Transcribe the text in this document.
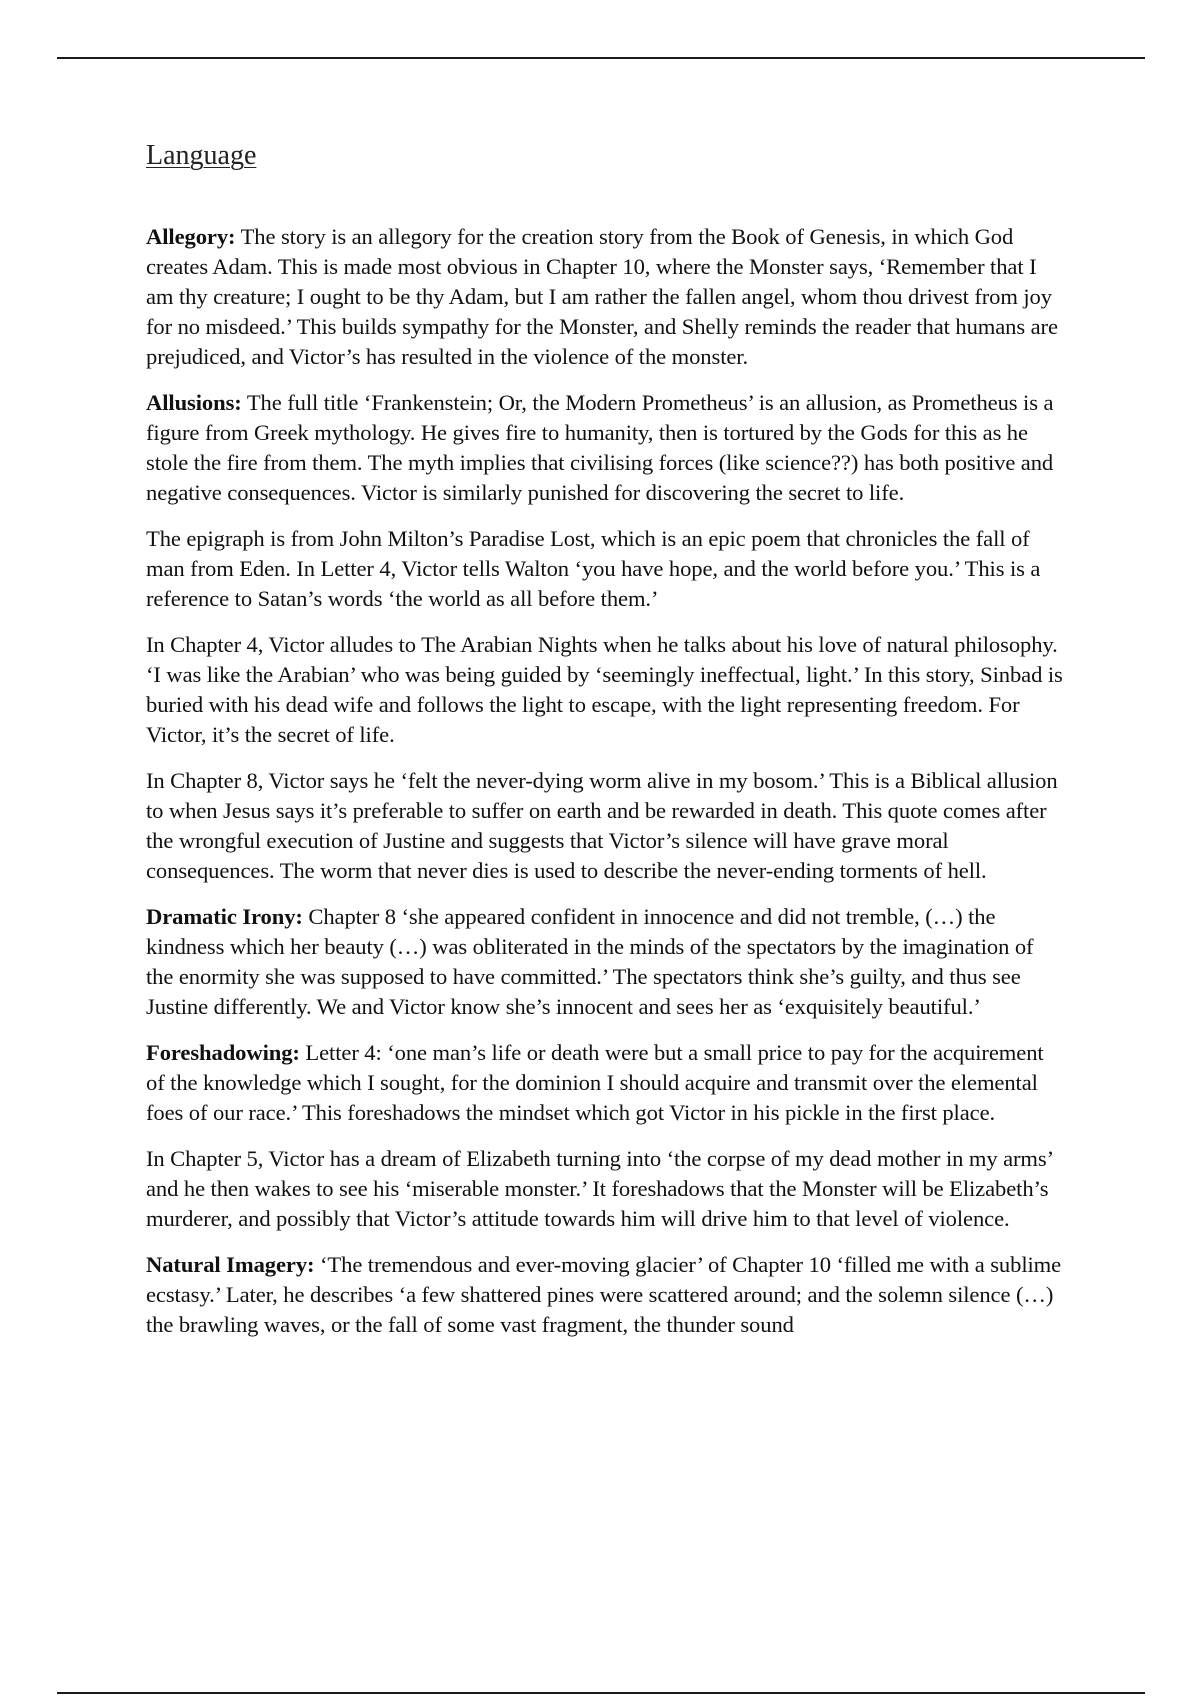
Language

Allegory: The story is an allegory for the creation story from the Book of Genesis, in which God creates Adam. This is made most obvious in Chapter 10, where the Monster says, ‘Remember that I am thy creature; I ought to be thy Adam, but I am rather the fallen angel, whom thou drivest from joy for no misdeed.’ This builds sympathy for the Monster, and Shelly reminds the reader that humans are prejudiced, and Victor’s has resulted in the violence of the monster.

Allusions: The full title ‘Frankenstein; Or, the Modern Prometheus’ is an allusion, as Prometheus is a figure from Greek mythology. He gives fire to humanity, then is tortured by the Gods for this as he stole the fire from them. The myth implies that civilising forces (like science??) has both positive and negative consequences. Victor is similarly punished for discovering the secret to life.

The epigraph is from John Milton’s Paradise Lost, which is an epic poem that chronicles the fall of man from Eden. In Letter 4, Victor tells Walton ‘you have hope, and the world before you.’ This is a reference to Satan’s words ‘the world as all before them.’

In Chapter 4, Victor alludes to The Arabian Nights when he talks about his love of natural philosophy. ‘I was like the Arabian’ who was being guided by ‘seemingly ineffectual, light.’ In this story, Sinbad is buried with his dead wife and follows the light to escape, with the light representing freedom. For Victor, it’s the secret of life.

In Chapter 8, Victor says he ‘felt the never-dying worm alive in my bosom.’ This is a Biblical allusion to when Jesus says it’s preferable to suffer on earth and be rewarded in death. This quote comes after the wrongful execution of Justine and suggests that Victor’s silence will have grave moral consequences. The worm that never dies is used to describe the never-ending torments of hell.

Dramatic Irony: Chapter 8 ‘she appeared confident in innocence and did not tremble, (…) the kindness which her beauty (…) was obliterated in the minds of the spectators by the imagination of the enormity she was supposed to have committed.’ The spectators think she’s guilty, and thus see Justine differently. We and Victor know she’s innocent and sees her as ‘exquisitely beautiful.’

Foreshadowing: Letter 4: ‘one man’s life or death were but a small price to pay for the acquirement of the knowledge which I sought, for the dominion I should acquire and transmit over the elemental foes of our race.’ This foreshadows the mindset which got Victor in his pickle in the first place.

In Chapter 5, Victor has a dream of Elizabeth turning into ‘the corpse of my dead mother in my arms’ and he then wakes to see his ‘miserable monster.’ It foreshadows that the Monster will be Elizabeth’s murderer, and possibly that Victor’s attitude towards him will drive him to that level of violence.

Natural Imagery: ‘The tremendous and ever-moving glacier’ of Chapter 10 ‘filled me with a sublime ecstasy.’ Later, he describes ‘a few shattered pines were scattered around; and the solemn silence (…) the brawling waves, or the fall of some vast fragment, the thunder sound
